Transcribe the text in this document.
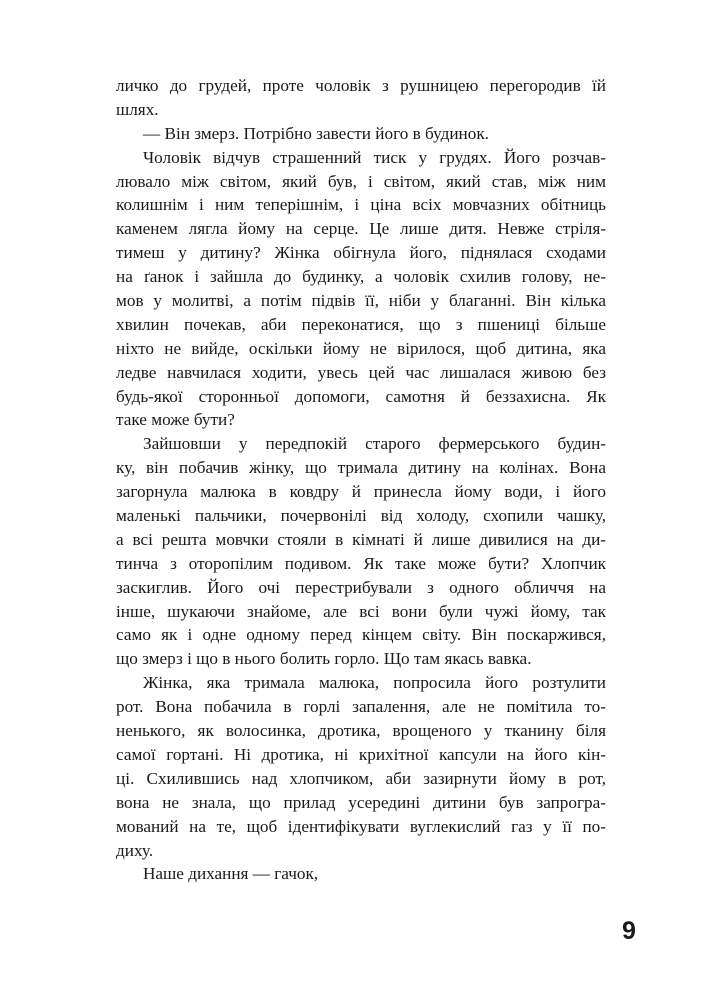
личко до грудей, проте чоловік з рушницею перегородив їй
шлях.
— Він змерз. Потрібно завести його в будинок.
Чоловік відчув страшенний тиск у грудях. Його розчав-
лювало між світом, який був, і світом, який став, між ним
колишнім і ним теперішнім, і ціна всіх мовчазних обітниць
каменем лягла йому на серце. Це лише дитя. Невже стріля-
тимеш у дитину? Жінка обігнула його, піднялася сходами
на ґанок і зайшла до будинку, а чоловік схилив голову, не-
мов у молитві, а потім підвів її, ніби у благанні. Він кілька
хвилин почекав, аби переконатися, що з пшениці більше
ніхто не вийде, оскільки йому не вірилося, щоб дитина, яка
ледве навчилася ходити, увесь цей час лишалася живою без
будь-якої сторонньої допомоги, самотня й беззахисна. Як
таке може бути?
Зайшовши у передпокій старого фермерського будин-
ку, він побачив жінку, що тримала дитину на колінах. Вона
загорнула малюка в ковдру й принесла йому води, і його
маленькі пальчики, почервонілі від холоду, схопили чашку,
а всі решта мовчки стояли в кімнаті й лише дивилися на ди-
тинча з оторопілим подивом. Як таке може бути? Хлопчик
заскиглив. Його очі перестрибували з одного обличчя на
інше, шукаючи знайоме, але всі вони були чужі йому, так
само як і одне одному перед кінцем світу. Він поскаржився,
що змерз і що в нього болить горло. Що там якась вавка.
Жінка, яка тримала малюка, попросила його розтулити
рот. Вона побачила в горлі запалення, але не помітила то-
ненького, як волосинка, дротика, врощеного у тканину біля
самої гортані. Ні дротика, ні крихітної капсули на його кін-
ці. Схилившись над хлопчиком, аби зазирнути йому в рот,
вона не знала, що прилад усередині дитини був запрогра-
мований на те, щоб ідентифікувати вуглекислий газ у її по-
диху.
Наше дихання — гачок,
9
